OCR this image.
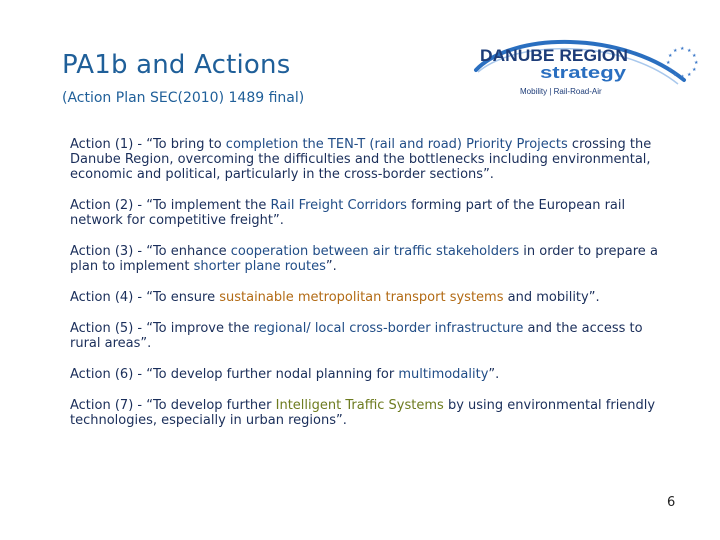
PA1b and Actions

(Action Plan SEC(2010) 1489 final)

★ ★
★
★
★
★
★
★
★
★
★
★
DANUBE REGION
strategy
Mobility | Rail-Road-Air

Action (1) - “To bring to completion the TEN-T (rail and road) Priority Projects crossing the Danube Region, overcoming the difficulties and the bottlenecks including environmental, economic and political, particularly in the cross-border sections”.

Action (2) - “To implement the Rail Freight Corridors forming part of the European rail network for competitive freight”.

Action (3) - “To enhance cooperation between air traffic stakeholders in order to prepare a plan to implement shorter plane routes”.

Action (4) - “To ensure sustainable metropolitan transport systems and mobility”.

Action (5) - “To improve the regional/ local cross-border infrastructure and the access to rural areas”.

Action (6) - “To develop further nodal planning for multimodality”.

Action (7) - “To develop further Intelligent Traffic Systems by using environmental friendly technologies, especially in urban regions”.

6
